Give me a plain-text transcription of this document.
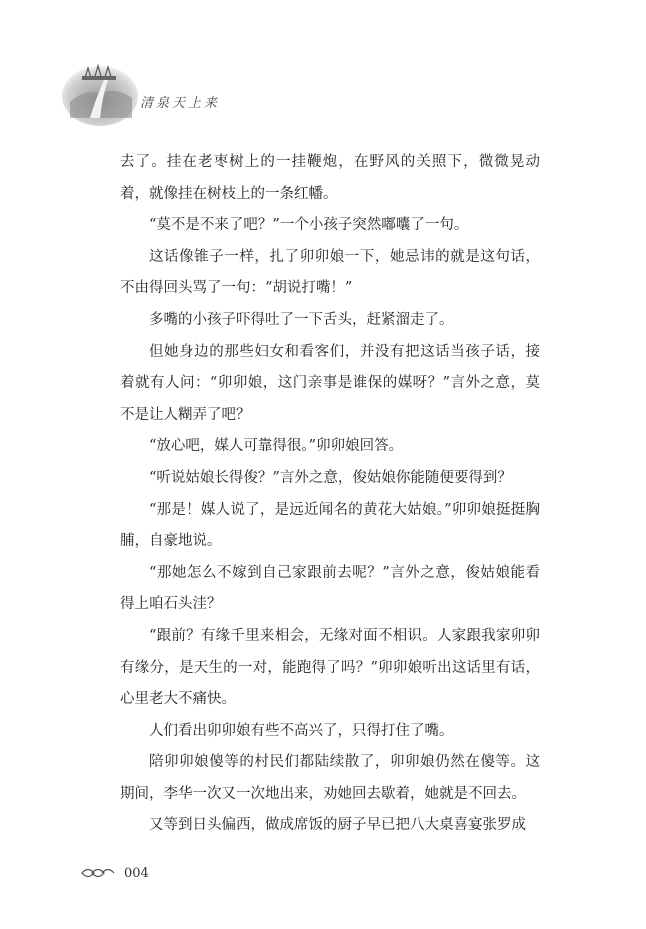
清泉天上来

去了。挂在老枣树上的一挂鞭炮，在野风的关照下，微微晃动着，就像挂在树枝上的一条红幡。

“莫不是不来了吧？”一个小孩子突然嘟囔了一句。

这话像锥子一样，扎了卯卯娘一下，她忌讳的就是这句话，不由得回头骂了一句：“胡说打嘴！”

多嘴的小孩子吓得吐了一下舌头，赶紧溜走了。

但她身边的那些妇女和看客们，并没有把这话当孩子话，接着就有人问：“卯卯娘，这门亲事是谁保的媒呀？”言外之意，莫不是让人糊弄了吧？

“放心吧，媒人可靠得很。”卯卯娘回答。

“听说姑娘长得俊？”言外之意，俊姑娘你能随便要得到？

“那是！媒人说了，是远近闻名的黄花大姑娘。”卯卯娘挺挺胸脯，自豪地说。

“那她怎么不嫁到自己家跟前去呢？”言外之意，俊姑娘能看得上咱石头洼？

“跟前？有缘千里来相会，无缘对面不相识。人家跟我家卯卯有缘分，是天生的一对，能跑得了吗？”卯卯娘听出这话里有话，心里老大不痛快。

人们看出卯卯娘有些不高兴了，只得打住了嘴。

陪卯卯娘傻等的村民们都陆续散了，卯卯娘仍然在傻等。这期间，李华一次又一次地出来，劝她回去歇着，她就是不回去。

又等到日头偏西，做成席饭的厨子早已把八大桌喜宴张罗成

004
